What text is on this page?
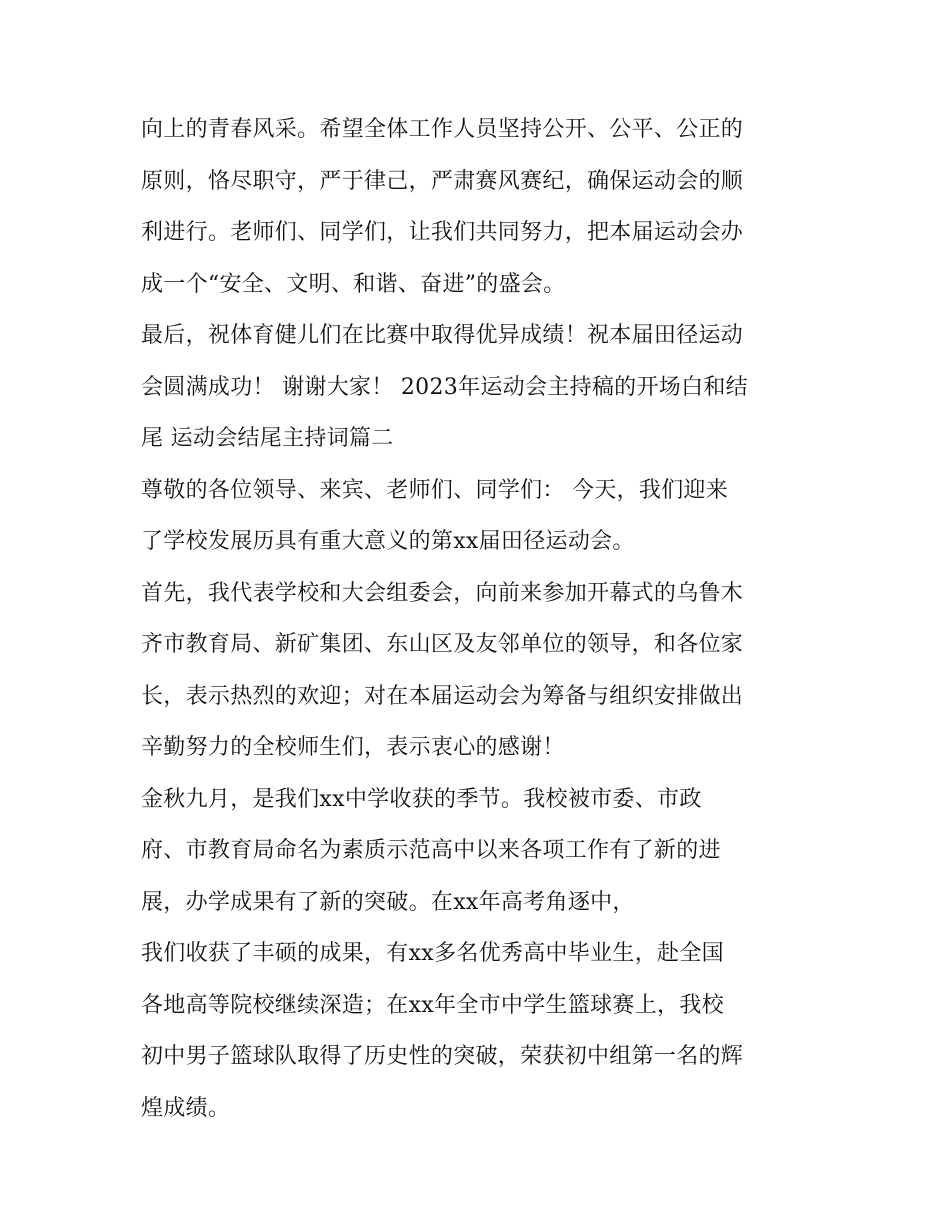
向上的青春风采。希望全体工作人员坚持公开、公平、公正的
原则，恪尽职守，严于律己，严肃赛风赛纪，确保运动会的顺
利进行。老师们、同学们，让我们共同努力，把本届运动会办
成一个“安全、文明、和谐、奋进”的盛会。
最后，祝体育健儿们在比赛中取得优异成绩！祝本届田径运动
会圆满成功！ 谢谢大家！ 2023年运动会主持稿的开场白和结
尾 运动会结尾主持词篇二
尊敬的各位领导、来宾、老师们、同学们： 今天，我们迎来
了学校发展历具有重大意义的第xx届田径运动会。
首先，我代表学校和大会组委会，向前来参加开幕式的乌鲁木
齐市教育局、新矿集团、东山区及友邻单位的领导，和各位家
长，表示热烈的欢迎；对在本届运动会为筹备与组织安排做出
辛勤努力的全校师生们，表示衷心的感谢！
金秋九月，是我们xx中学收获的季节。我校被市委、市政
府、市教育局命名为素质示范高中以来各项工作有了新的进
展，办学成果有了新的突破。在xx年高考角逐中，
我们收获了丰硕的成果，有xx多名优秀高中毕业生，赴全国
各地高等院校继续深造；在xx年全市中学生篮球赛上，我校
初中男子篮球队取得了历史性的突破，荣获初中组第一名的辉
煌成绩。
